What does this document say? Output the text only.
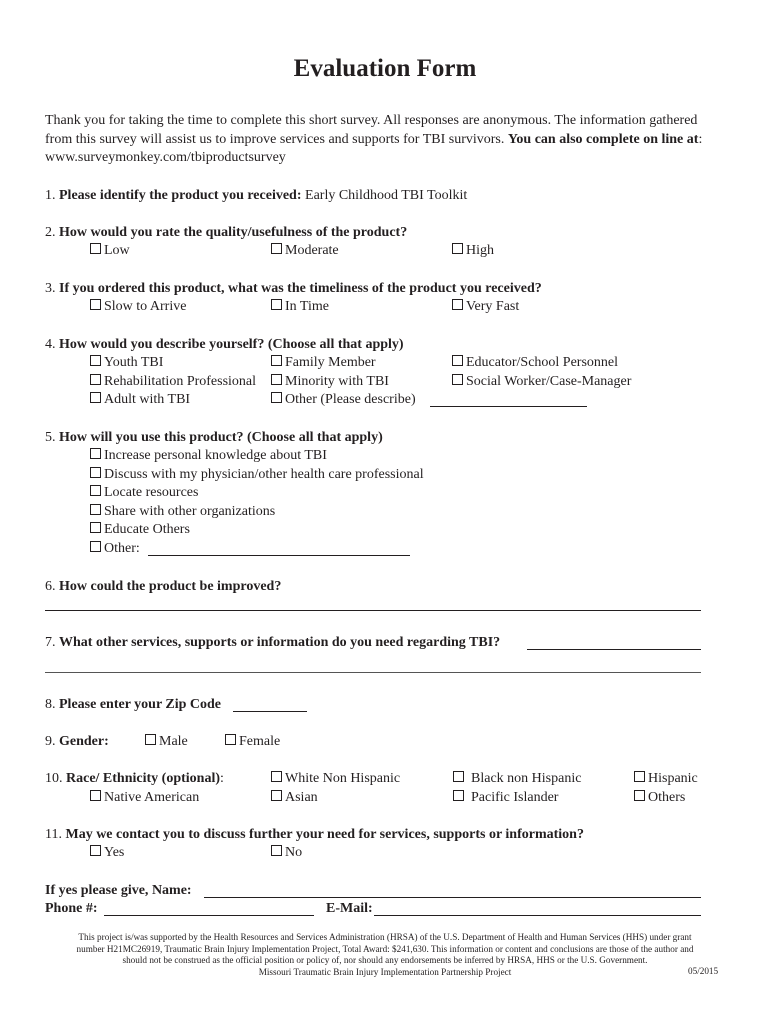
Evaluation Form
Thank you for taking the time to complete this short survey. All responses are anonymous. The information gathered from this survey will assist us to improve services and supports for TBI survivors. You can also complete on line at: www.surveymonkey.com/tbiproductsurvey
1. Please identify the product you received: Early Childhood TBI Toolkit
2. How would you rate the quality/usefulness of the product?
Low	Moderate	High
3. If you ordered this product, what was the timeliness of the product you received?
Slow to Arrive	In Time	Very Fast
4. How would you describe yourself? (Choose all that apply)
Youth TBI	Family Member	Educator/School Personnel
Rehabilitation Professional	Minority with TBI	Social Worker/Case-Manager
Adult with TBI	Other (Please describe)
5. How will you use this product? (Choose all that apply)
Increase personal knowledge about TBI
Discuss with my physician/other health care professional
Locate resources
Share with other organizations
Educate Others
Other:
6. How could the product be improved?
7. What other services, supports or information do you need regarding TBI?
8. Please enter your Zip Code
9. Gender:	Male	Female
10. Race/ Ethnicity (optional):	White Non Hispanic	Black non Hispanic	Hispanic
Native American	Asian	Pacific Islander	Others
11. May we contact you to discuss further your need for services, supports or information?
Yes	No
If yes please give, Name:
Phone #:	E-Mail:
This project is/was supported by the Health Resources and Services Administration (HRSA) of the U.S. Department of Health and Human Services (HHS) under grant
number H21MC26919, Traumatic Brain Injury Implementation Project, Total Award: $241,630. This information or content and conclusions are those of the author and
should not be construed as the official position or policy of, nor should any endorsements be inferred by HRSA, HHS or the U.S. Government.
Missouri Traumatic Brain Injury Implementation Partnership Project	05/2015
